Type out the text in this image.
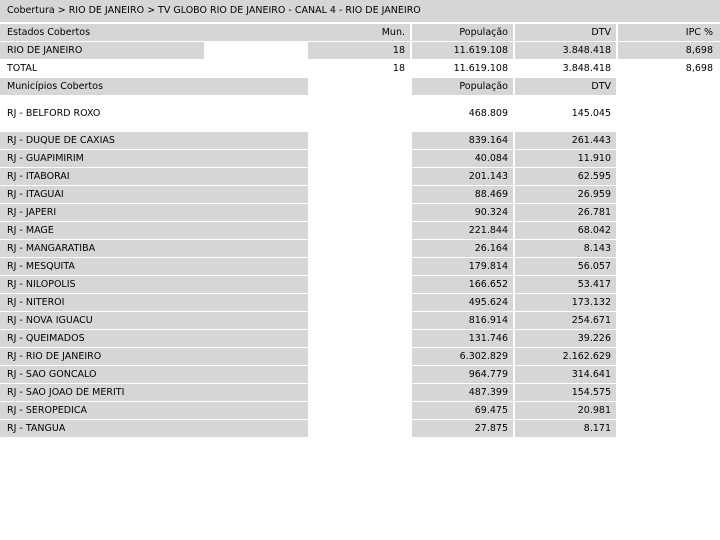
Cobertura > RIO DE JANEIRO > TV GLOBO RIO DE JANEIRO - CANAL 4 - RIO DE JANEIRO
Estados Cobertos	Mun.	População	DTV	IPC %
RIO DE JANEIRO	18	11.619.108	3.848.418	8,698
TOTAL	18	11.619.108	3.848.418	8,698
Municípios Cobertos	População	DTV
RJ - BELFORD ROXO	468.809	145.045
RJ - DUQUE DE CAXIAS	839.164	261.443
RJ - GUAPIMIRIM	40.084	11.910
RJ - ITABORAI	201.143	62.595
RJ - ITAGUAI	88.469	26.959
RJ - JAPERI	90.324	26.781
RJ - MAGE	221.844	68.042
RJ - MANGARATIBA	26.164	8.143
RJ - MESQUITA	179.814	56.057
RJ - NILOPOLIS	166.652	53.417
RJ - NITEROI	495.624	173.132
RJ - NOVA IGUACU	816.914	254.671
RJ - QUEIMADOS	131.746	39.226
RJ - RIO DE JANEIRO	6.302.829	2.162.629
RJ - SAO GONCALO	964.779	314.641
RJ - SAO JOAO DE MERITI	487.399	154.575
RJ - SEROPEDICA	69.475	20.981
RJ - TANGUA	27.875	8.171
